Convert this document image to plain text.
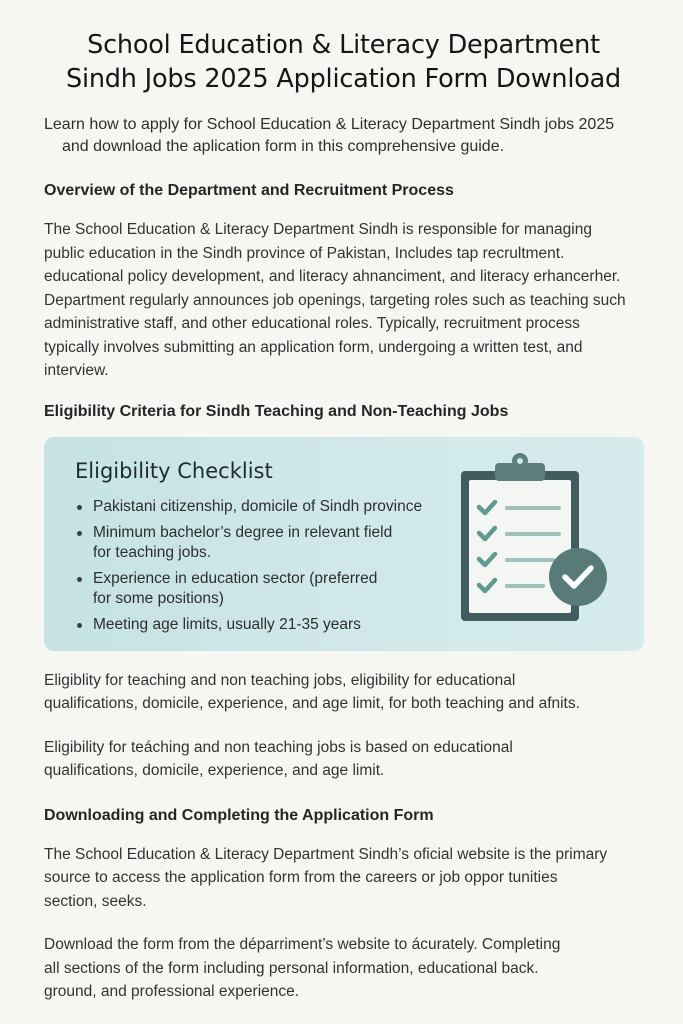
School Education & Literacy Department
Sindh Jobs 2025 Application Form Download

Learn how to apply for School Education & Literacy Department Sindh jobs 2025
and download the aplication form in this comprehensive guide.

Overview of the Department and Recruitment Process

The School Education & Literacy Department Sindh is responsible for managing
public education in the Sindh province of Pakistan, Includes tap recrultment.
educational policy development, and literacy ahnanciment, and literacy erhancerher.
Department regularly announces job openings, targeting roles such as teaching such
administrative staff, and other educational roles. Typically, recruitment process
typically involves submitting an application form, undergoing a written test, and
interview.

Eligibility Criteria for Sindh Teaching and Non-Teaching Jobs
Eligibility Checklist
Pakistani citizenship, domicile of Sindh province
Minimum bachelor’s degree in relevant field
for teaching jobs.
Experience in education sector (preferred
for some positions)
Meeting age limits, usually 21-35 years

Eligiblity for teaching and non teaching jobs, eligibility for educational
qualifications, domicile, experience, and age limit, for both teaching and afnits.

Eligibility for teáching and non teaching jobs is based on educational
qualifications, domicile, experience, and age limit.

Downloading and Completing the Application Form

The School Education & Literacy Department Sindh’s oficial website is the primary
source to access the application form from the careers or job oppor tunities
section, seeks.

Download the form from the déparriment’s website to ácurately. Completing
all sections of the form including personal information, educational back.
ground, and professional experience.
